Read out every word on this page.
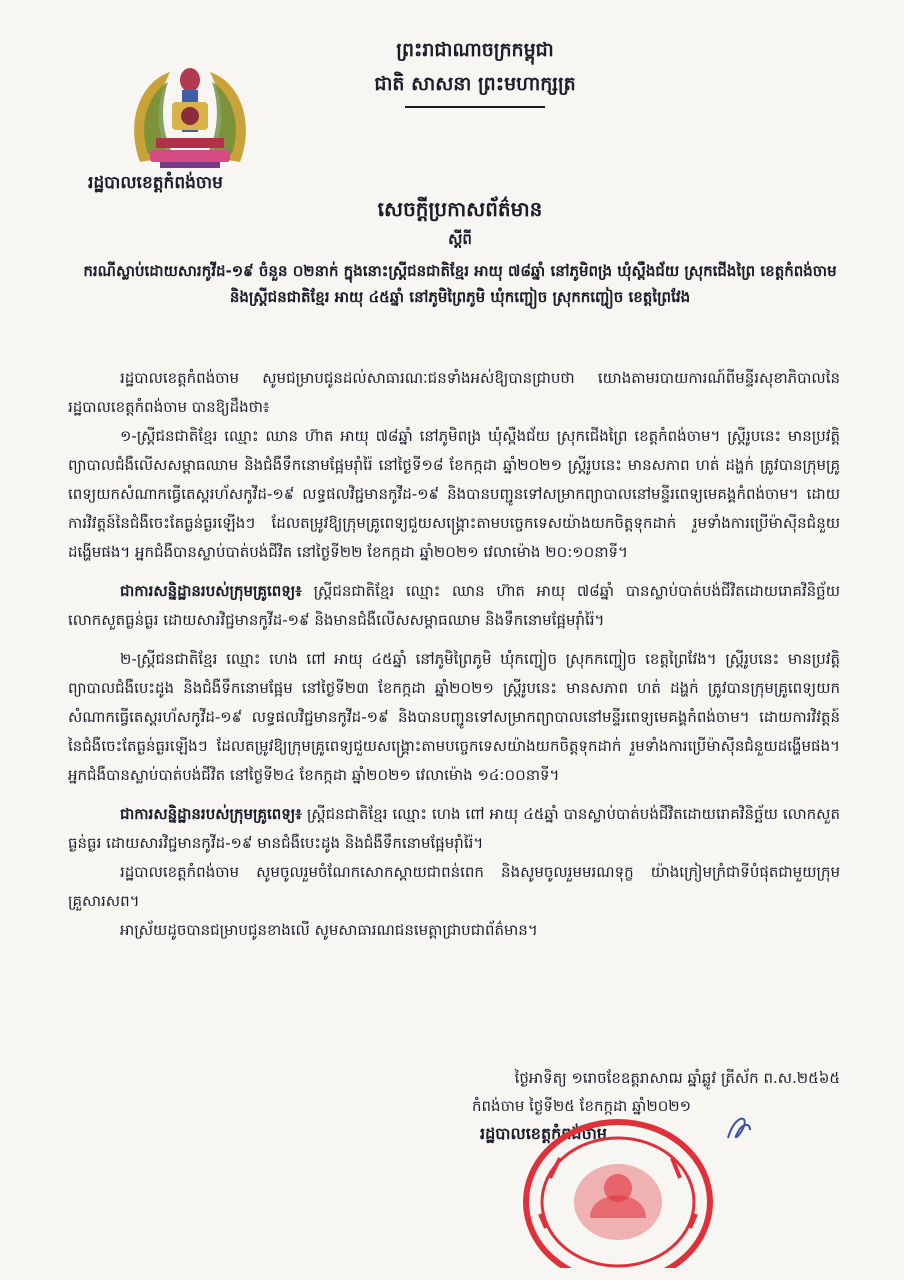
ព្រះរាជាណាចក្រកម្ពុជា
ជាតិ សាសនា ព្រះមហាក្សត្រ
រដ្ឋបាលខេត្តកំពង់ចាម
សេចក្តីប្រកាសព័ត៌មាន
ស្តីពី
ករណីស្លាប់ដោយសារកូវីដ-១៩ ចំនួន ០២នាក់ ក្នុងនោះស្ត្រីជនជាតិខ្មែរ អាយុ ៧៨ឆ្នាំ នៅភូមិពង្រ ឃុំស្ពឺងជ័យ ស្រុកជើងព្រៃ ខេត្តកំពង់ចាម និងស្ត្រីជនជាតិខ្មែរ អាយុ ៤៥ឆ្នាំ នៅភូមិព្រៃភូមិ ឃុំកញ្ជៀច ស្រុកកញ្ជៀច ខេត្តព្រៃវែង

រដ្ឋបាលខេត្តកំពង់ចាម សូមជម្រាបជូនដល់សាធារណៈជនទាំងអស់ឱ្យបានជ្រាបថា យោងតាមរបាយការណ៍ពីមន្ទីរសុខាភិបាលនៃរដ្ឋបាលខេត្តកំពង់ចាម បានឱ្យដឹងថា៖

១-ស្ត្រីជនជាតិខ្មែរ ឈ្មោះ ឈាន ហ៊ាត អាយុ ៧៨ឆ្នាំ នៅភូមិពង្រ ឃុំស្ពឺងជ័យ ស្រុកជើងព្រៃ ខេត្តកំពង់ចាម។ ស្ត្រីរូបនេះ មានប្រវត្តិព្យាបាលជំងឺលើសសម្ពាធឈាម និងជំងឺទឹកនោមផ្អែមរ៉ាំរ៉ៃ នៅថ្ងៃទី១៨ ខែកក្កដា ឆ្នាំ២០២១ ស្ត្រីរូបនេះ មានសភាព ហត់ ដង្ហក់ ត្រូវបានក្រុមគ្រូពេទ្យយកសំណាកធ្វើតេស្តរហ័សកូវីដ-១៩ លទ្ធផលវិជ្ជមានកូវីដ-១៩ និងបានបញ្ជូនទៅសម្រាកព្យាបាលនៅមន្ទីរពេទ្យមេគង្គកំពង់ចាម។ ដោយការវិវត្តន៍នៃជំងឺចេះតែធ្ងន់ធ្ងរឡើងៗ ដែលតម្រូវឱ្យក្រុមគ្រូពេទ្យជួយសង្គ្រោះតាមបច្ចេកទេសយ៉ាងយកចិត្តទុកដាក់ រួមទាំងការប្រើម៉ាស៊ីនជំនួយដង្ហើមផង។ អ្នកជំងឺបានស្លាប់បាត់បង់ជីវិត នៅថ្ងៃទី២២ ខែកក្កដា ឆ្នាំ២០២១ វេលាម៉ោង ២០:១០នាទី។

ជាការសន្និដ្ឋានរបស់ក្រុមគ្រូពេទ្យ៖ ស្ត្រីជនជាតិខ្មែរ ឈ្មោះ ឈាន ហ៊ាត អាយុ ៧៨ឆ្នាំ បានស្លាប់បាត់បង់ជីវិតដោយរោគវិនិច្ឆ័យ លោកសួតធ្ងន់ធ្ងរ ដោយសារវិជ្ជមានកូវីដ-១៩ និងមានជំងឺលើសសម្ពាធឈាម និងទឹកនោមផ្អែមរ៉ាំរ៉ៃ។

២-ស្ត្រីជនជាតិខ្មែរ ឈ្មោះ ហេង ពៅ អាយុ ៤៥ឆ្នាំ នៅភូមិព្រៃភូមិ ឃុំកញ្ជៀច ស្រុកកញ្ជៀច ខេត្តព្រៃវែង។ ស្ត្រីរូបនេះ មានប្រវត្តិព្យាបាលជំងឺបេះដូង និងជំងឺទឹកនោមផ្អែម នៅថ្ងៃទី២៣ ខែកក្កដា ឆ្នាំ២០២១ ស្ត្រីរូបនេះ មានសភាព ហត់ ដង្ហក់ ត្រូវបានក្រុមគ្រូពេទ្យយកសំណាកធ្វើតេស្តរហ័សកូវីដ-១៩ លទ្ធផលវិជ្ជមានកូវីដ-១៩ និងបានបញ្ជូនទៅសម្រាកព្យាបាលនៅមន្ទីរពេទ្យមេគង្គកំពង់ចាម។ ដោយការវិវត្តន៍នៃជំងឺចេះតែធ្ងន់ធ្ងរឡើងៗ ដែលតម្រូវឱ្យក្រុមគ្រូពេទ្យជួយសង្គ្រោះតាមបច្ចេកទេសយ៉ាងយកចិត្តទុកដាក់ រួមទាំងការប្រើម៉ាស៊ីនជំនួយដង្ហើមផង។ អ្នកជំងឺបានស្លាប់បាត់បង់ជីវិត នៅថ្ងៃទី២៤ ខែកក្កដា ឆ្នាំ២០២១ វេលាម៉ោង ១៤:០០នាទី។

ជាការសន្និដ្ឋានរបស់ក្រុមគ្រូពេទ្យ៖ ស្ត្រីជនជាតិខ្មែរ ឈ្មោះ ហេង ពៅ អាយុ ៤៥ឆ្នាំ បានស្លាប់បាត់បង់ជីវិតដោយរោគវិនិច្ឆ័យ លោកសួតធ្ងន់ធ្ងរ ដោយសារវិជ្ជមានកូវីដ-១៩ មានជំងឺបេះដូង និងជំងឺទឹកនោមផ្អែមរ៉ាំរ៉ៃ។

រដ្ឋបាលខេត្តកំពង់ចាម សូមចូលរួមចំណែកសោកស្តាយជាពន់ពេក និងសូមចូលរួមមរណទុក្ខ យ៉ាងក្រៀមក្រំជាទីបំផុតជាមួយក្រុមគ្រួសារសព។

អាស្រ័យដូចបានជម្រាបជូនខាងលើ សូមសាធារណជនមេត្តាជ្រាបជាព័ត៌មាន។

ថ្ងៃអាទិត្យ ១រោចខែឧត្តរាសាឍ ឆ្នាំឆ្លូវ ត្រីស័ក ព.ស.២៥៦៥
កំពង់ចាម ថ្ងៃទី២៥ ខែកក្កដា ឆ្នាំ២០២១
រដ្ឋបាលខេត្តកំពង់ចាម
